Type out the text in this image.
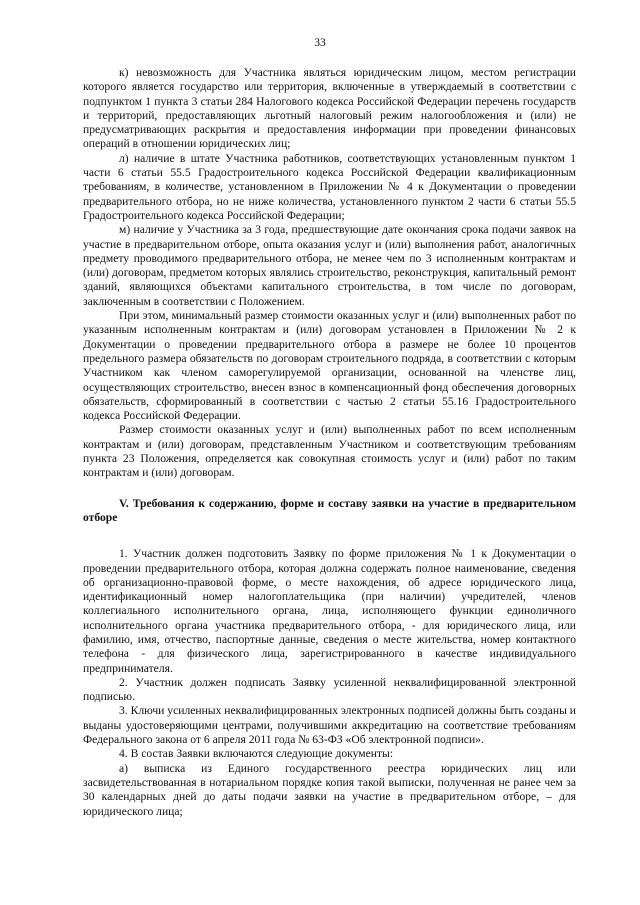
33

к) невозможность для Участника являться юридическим лицом, местом регистрации которого является государство или территория, включенные в утверждаемый в соответствии с подпунктом 1 пункта 3 статьи 284 Налогового кодекса Российской Федерации перечень государств и территорий, предоставляющих льготный налоговый режим налогообложения и (или) не предусматривающих раскрытия и предоставления информации при проведении финансовых операций в отношении юридических лиц;

л) наличие в штате Участника работников, соответствующих установленным пунктом 1 части 6 статьи 55.5 Градостроительного кодекса Российской Федерации квалификационным требованиям, в количестве, установленном в Приложении № 4 к Документации о проведении предварительного отбора, но не ниже количества, установленного пунктом 2 части 6 статьи 55.5 Градостроительного кодекса Российской Федерации;

м) наличие у Участника за 3 года, предшествующие дате окончания срока подачи заявок на участие в предварительном отборе, опыта оказания услуг и (или) выполнения работ, аналогичных предмету проводимого предварительного отбора, не менее чем по 3 исполненным контрактам и (или) договорам, предметом которых являлись строительство, реконструкция, капитальный ремонт зданий, являющихся объектами капитального строительства, в том числе по договорам, заключенным в соответствии с Положением.

При этом, минимальный размер стоимости оказанных услуг и (или) выполненных работ по указанным исполненным контрактам и (или) договорам установлен в Приложении № 2 к Документации о проведении предварительного отбора в размере не более 10 процентов предельного размера обязательств по договорам строительного подряда, в соответствии с которым Участником как членом саморегулируемой организации, основанной на членстве лиц, осуществляющих строительство, внесен взнос в компенсационный фонд обеспечения договорных обязательств, сформированный в соответствии с частью 2 статьи 55.16 Градостроительного кодекса Российской Федерации.

Размер стоимости оказанных услуг и (или) выполненных работ по всем исполненным контрактам и (или) договорам, представленным Участником и соответствующим требованиям пункта 23 Положения, определяется как совокупная стоимость услуг и (или) работ по таким контрактам и (или) договорам.

V. Требования к содержанию, форме и составу заявки на участие в предварительном отборе

1. Участник должен подготовить Заявку по форме приложения № 1 к Документации о проведении предварительного отбора, которая должна содержать полное наименование, сведения об организационно-правовой форме, о месте нахождения, об адресе юридического лица, идентификационный номер налогоплательщика (при наличии) учредителей, членов коллегиального исполнительного органа, лица, исполняющего функции единоличного исполнительного органа участника предварительного отбора, - для юридического лица, или фамилию, имя, отчество, паспортные данные, сведения о месте жительства, номер контактного телефона - для физического лица, зарегистрированного в качестве индивидуального предпринимателя.

2. Участник должен подписать Заявку усиленной неквалифицированной электронной подписью.

3. Ключи усиленных неквалифицированных электронных подписей должны быть созданы и выданы удостоверяющими центрами, получившими аккредитацию на соответствие требованиям Федерального закона от 6 апреля 2011 года № 63-ФЗ «Об электронной подписи».

4. В состав Заявки включаются следующие документы:

а) выписка из Единого государственного реестра юридических лиц или засвидетельствованная в нотариальном порядке копия такой выписки, полученная не ранее чем за 30 календарных дней до даты подачи заявки на участие в предварительном отборе, – для юридического лица;
